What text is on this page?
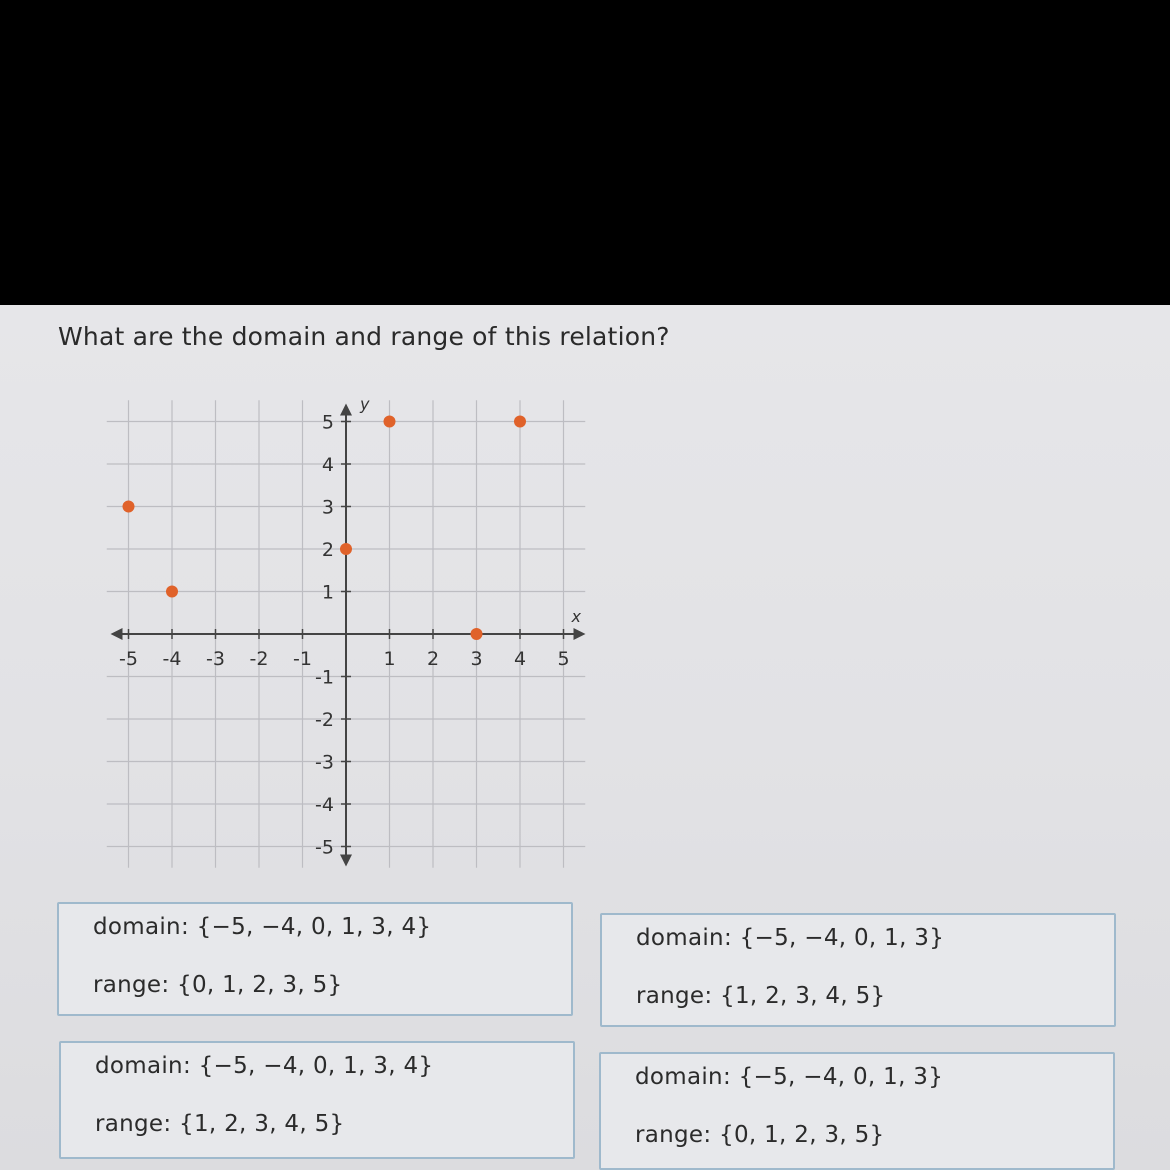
What are the domain and range of this relation?
x
y
-5 -4 -3 -2 -1	1 2 3 4 5
5
4
3
2
1
-1
-2
-3
-4
-5
domain: {−5, −4, 0, 1, 3, 4}
range: {0, 1, 2, 3, 5}
domain: {−5, −4, 0, 1, 3}
range: {1, 2, 3, 4, 5}
domain: {−5, −4, 0, 1, 3, 4}
range: {1, 2, 3, 4, 5}
domain: {−5, −4, 0, 1, 3}
range: {0, 1, 2, 3, 5}
